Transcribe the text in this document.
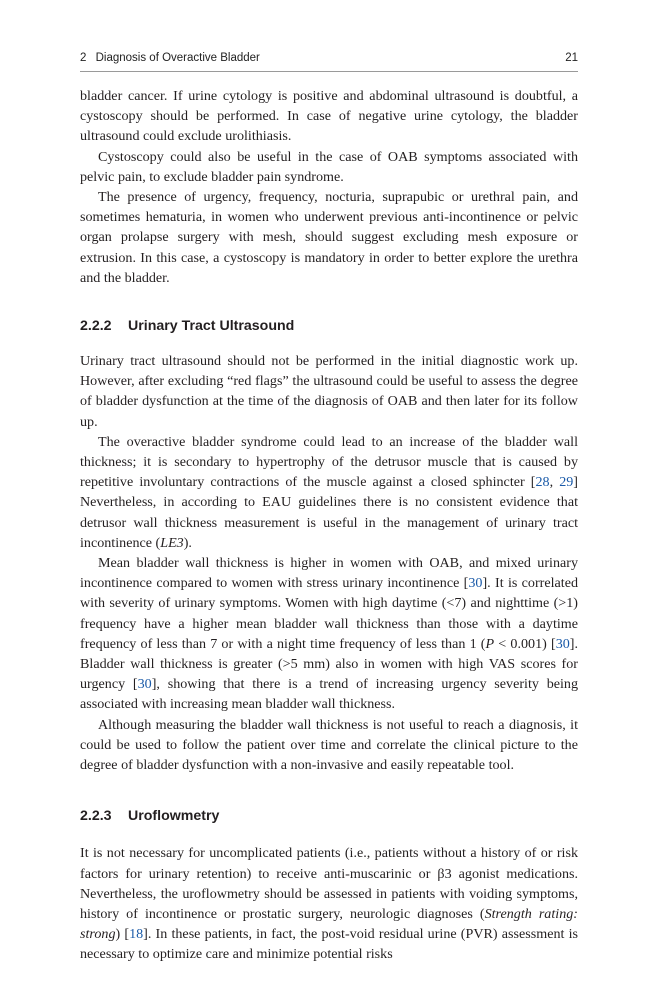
2 Diagnosis of Overactive Bladder	21

bladder cancer. If urine cytology is positive and abdominal ultrasound is doubtful, a cystoscopy should be performed. In case of negative urine cytology, the bladder ultrasound could exclude urolithiasis.

Cystoscopy could also be useful in the case of OAB symptoms associated with pelvic pain, to exclude bladder pain syndrome.

The presence of urgency, frequency, nocturia, suprapubic or urethral pain, and sometimes hematuria, in women who underwent previous anti-incontinence or pelvic organ prolapse surgery with mesh, should suggest excluding mesh exposure or extrusion. In this case, a cystoscopy is mandatory in order to better explore the urethra and the bladder.

2.2.2 Urinary Tract Ultrasound

Urinary tract ultrasound should not be performed in the initial diagnostic work up. However, after excluding “red flags” the ultrasound could be useful to assess the degree of bladder dysfunction at the time of the diagnosis of OAB and then later for its follow up.

The overactive bladder syndrome could lead to an increase of the bladder wall thickness; it is secondary to hypertrophy of the detrusor muscle that is caused by repetitive involuntary contractions of the muscle against a closed sphincter [28, 29] Nevertheless, in according to EAU guidelines there is no consistent evidence that detrusor wall thickness measurement is useful in the management of urinary tract incontinence (LE3).

Mean bladder wall thickness is higher in women with OAB, and mixed urinary incontinence compared to women with stress urinary incontinence [30]. It is correlated with severity of urinary symptoms. Women with high daytime (<7) and nighttime (>1) frequency have a higher mean bladder wall thickness than those with a daytime frequency of less than 7 or with a night time frequency of less than 1 (P < 0.001) [30]. Bladder wall thickness is greater (>5 mm) also in women with high VAS scores for urgency [30], showing that there is a trend of increasing urgency severity being associated with increasing mean bladder wall thickness.

Although measuring the bladder wall thickness is not useful to reach a diagnosis, it could be used to follow the patient over time and correlate the clinical picture to the degree of bladder dysfunction with a non-invasive and easily repeatable tool.

2.2.3 Uroflowmetry

It is not necessary for uncomplicated patients (i.e., patients without a history of or risk factors for urinary retention) to receive anti-muscarinic or β3 agonist medications. Nevertheless, the uroflowmetry should be assessed in patients with voiding symptoms, history of incontinence or prostatic surgery, neurologic diagnoses (Strength rating: strong) [18]. In these patients, in fact, the post-void residual urine (PVR) assessment is necessary to optimize care and minimize potential risks
